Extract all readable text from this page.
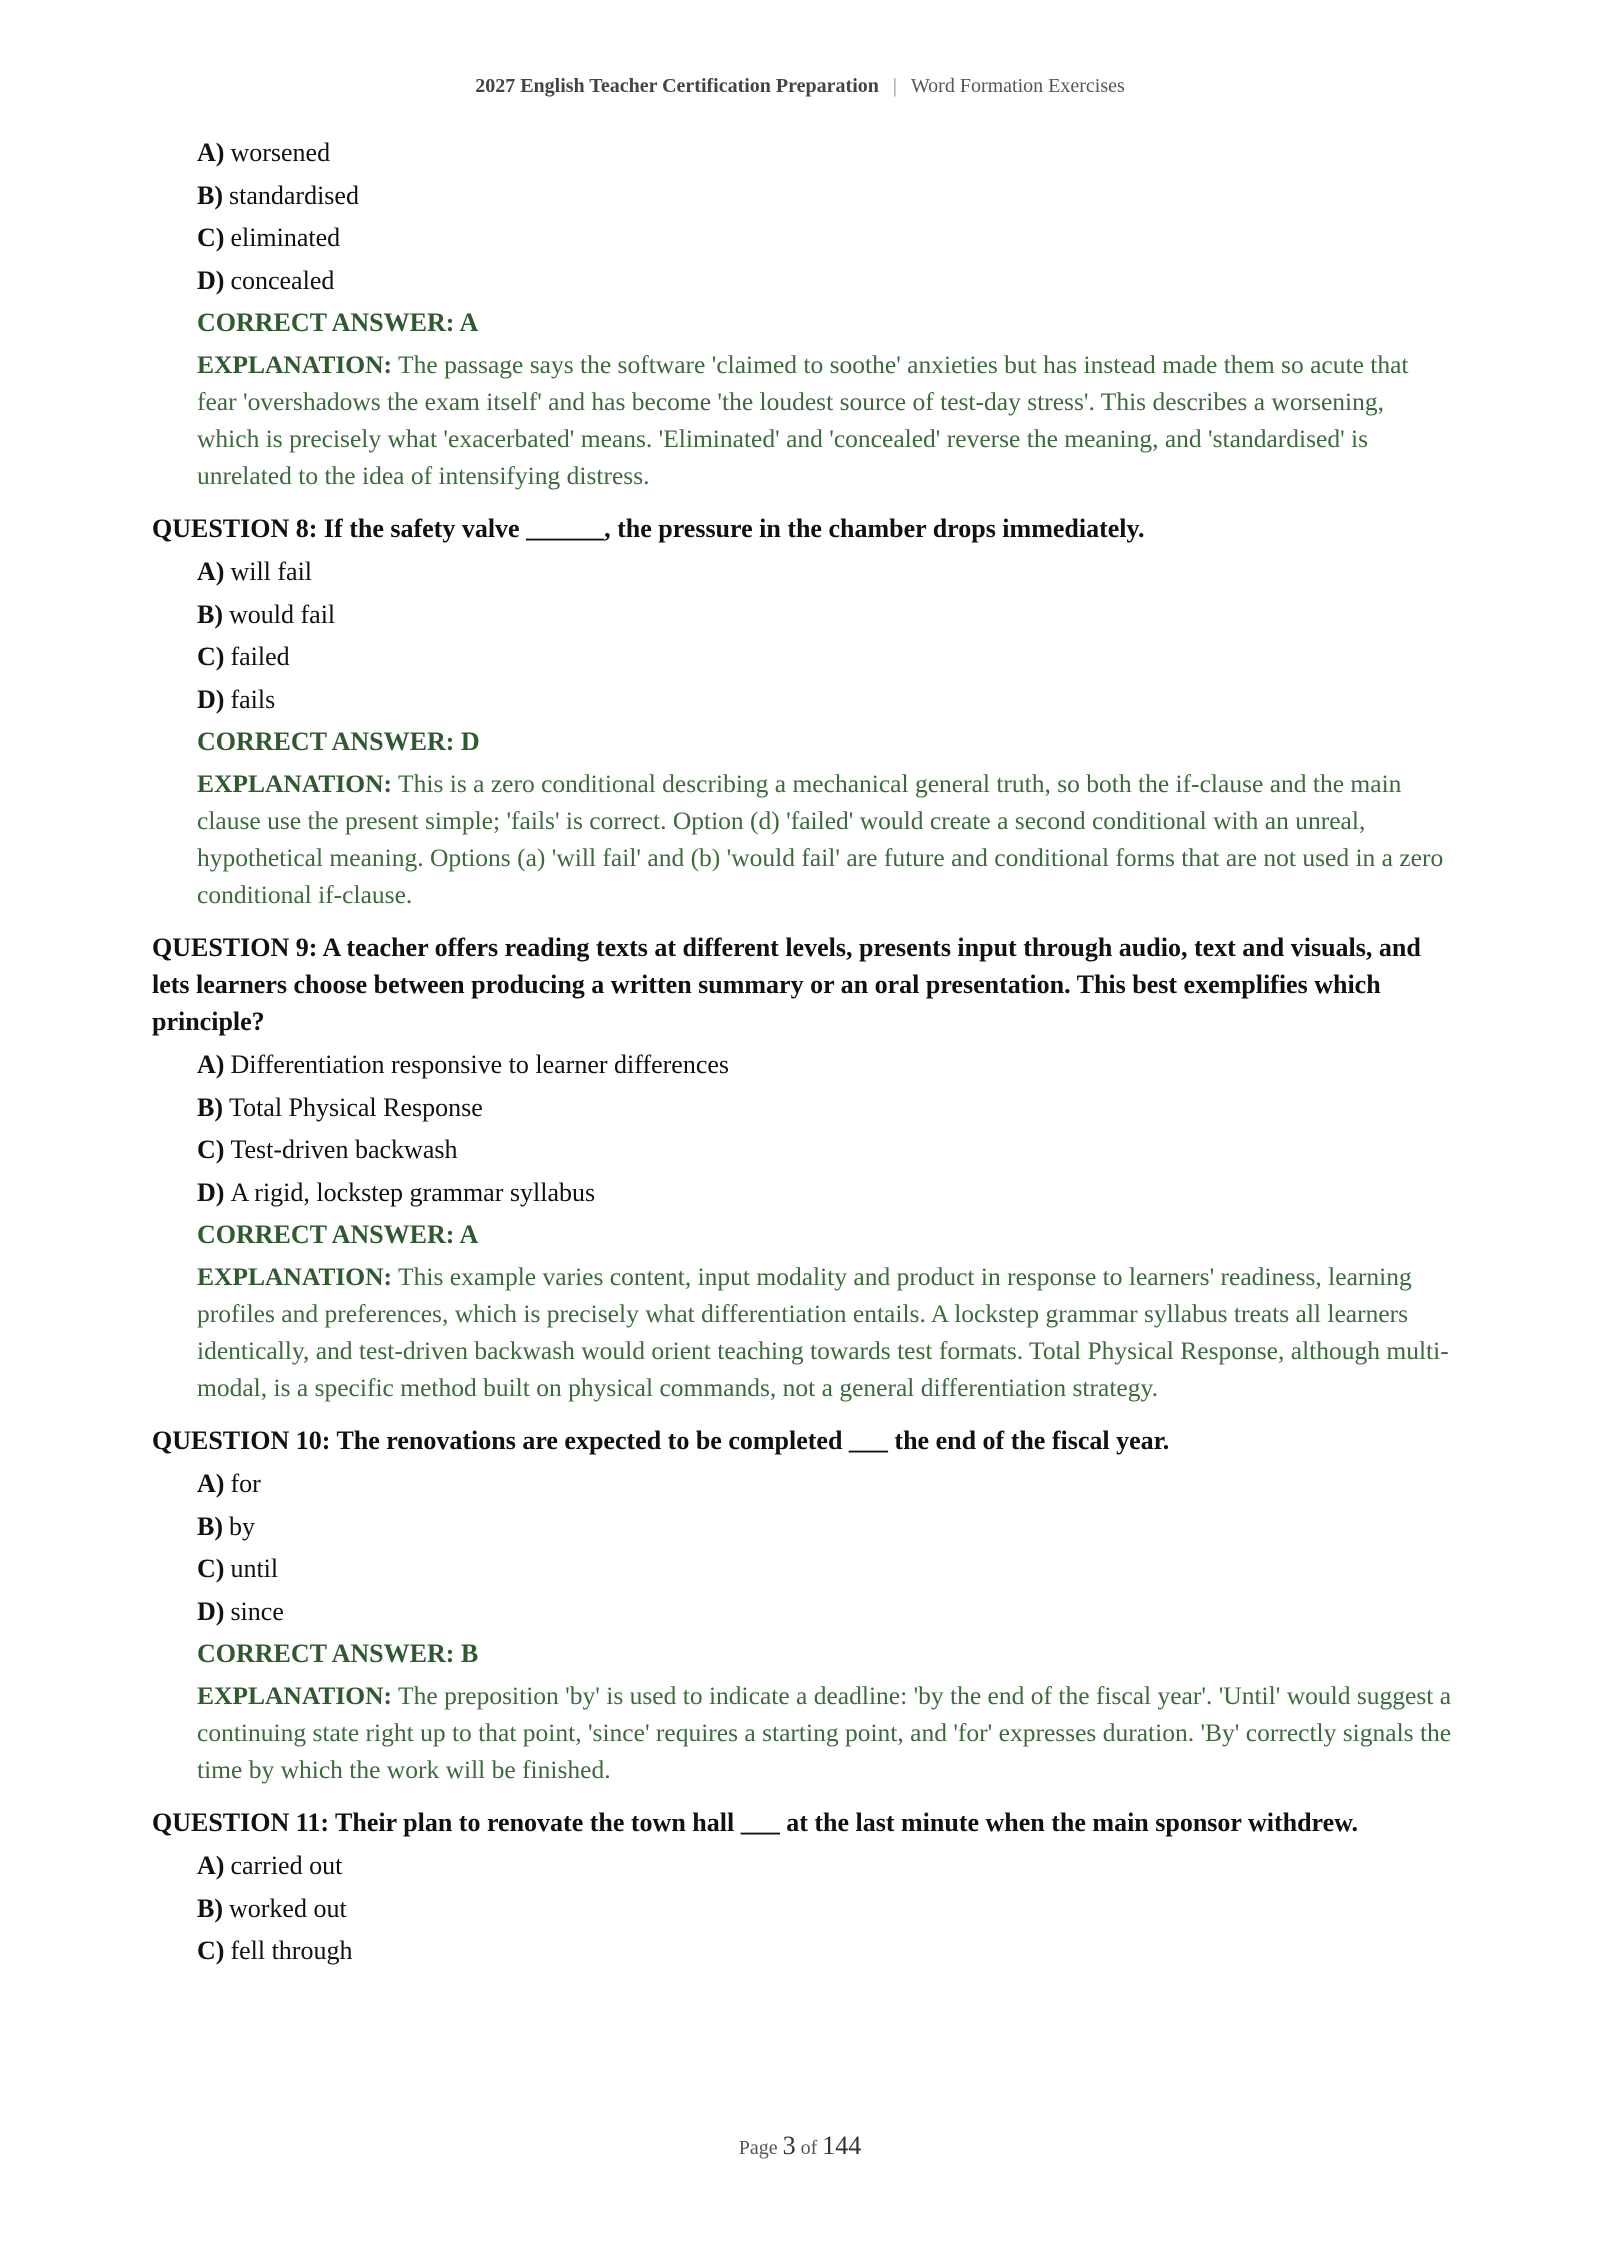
2027 English Teacher Certification Preparation | Word Formation Exercises
A) worsened
B) standardised
C) eliminated
D) concealed
CORRECT ANSWER: A
EXPLANATION: The passage says the software 'claimed to soothe' anxieties but has instead made them so acute that fear 'overshadows the exam itself' and has become 'the loudest source of test-day stress'. This describes a worsening, which is precisely what 'exacerbated' means. 'Eliminated' and 'concealed' reverse the meaning, and 'standardised' is unrelated to the idea of intensifying distress.
QUESTION 8: If the safety valve ______, the pressure in the chamber drops immediately.
A) will fail
B) would fail
C) failed
D) fails
CORRECT ANSWER: D
EXPLANATION: This is a zero conditional describing a mechanical general truth, so both the if-clause and the main clause use the present simple; 'fails' is correct. Option (d) 'failed' would create a second conditional with an unreal, hypothetical meaning. Options (a) 'will fail' and (b) 'would fail' are future and conditional forms that are not used in a zero conditional if-clause.
QUESTION 9: A teacher offers reading texts at different levels, presents input through audio, text and visuals, and lets learners choose between producing a written summary or an oral presentation. This best exemplifies which principle?
A) Differentiation responsive to learner differences
B) Total Physical Response
C) Test-driven backwash
D) A rigid, lockstep grammar syllabus
CORRECT ANSWER: A
EXPLANATION: This example varies content, input modality and product in response to learners' readiness, learning profiles and preferences, which is precisely what differentiation entails. A lockstep grammar syllabus treats all learners identically, and test-driven backwash would orient teaching towards test formats. Total Physical Response, although multi-modal, is a specific method built on physical commands, not a general differentiation strategy.
QUESTION 10: The renovations are expected to be completed ___ the end of the fiscal year.
A) for
B) by
C) until
D) since
CORRECT ANSWER: B
EXPLANATION: The preposition 'by' is used to indicate a deadline: 'by the end of the fiscal year'. 'Until' would suggest a continuing state right up to that point, 'since' requires a starting point, and 'for' expresses duration. 'By' correctly signals the time by which the work will be finished.
QUESTION 11: Their plan to renovate the town hall ___ at the last minute when the main sponsor withdrew.
A) carried out
B) worked out
C) fell through
Page 3 of 144
